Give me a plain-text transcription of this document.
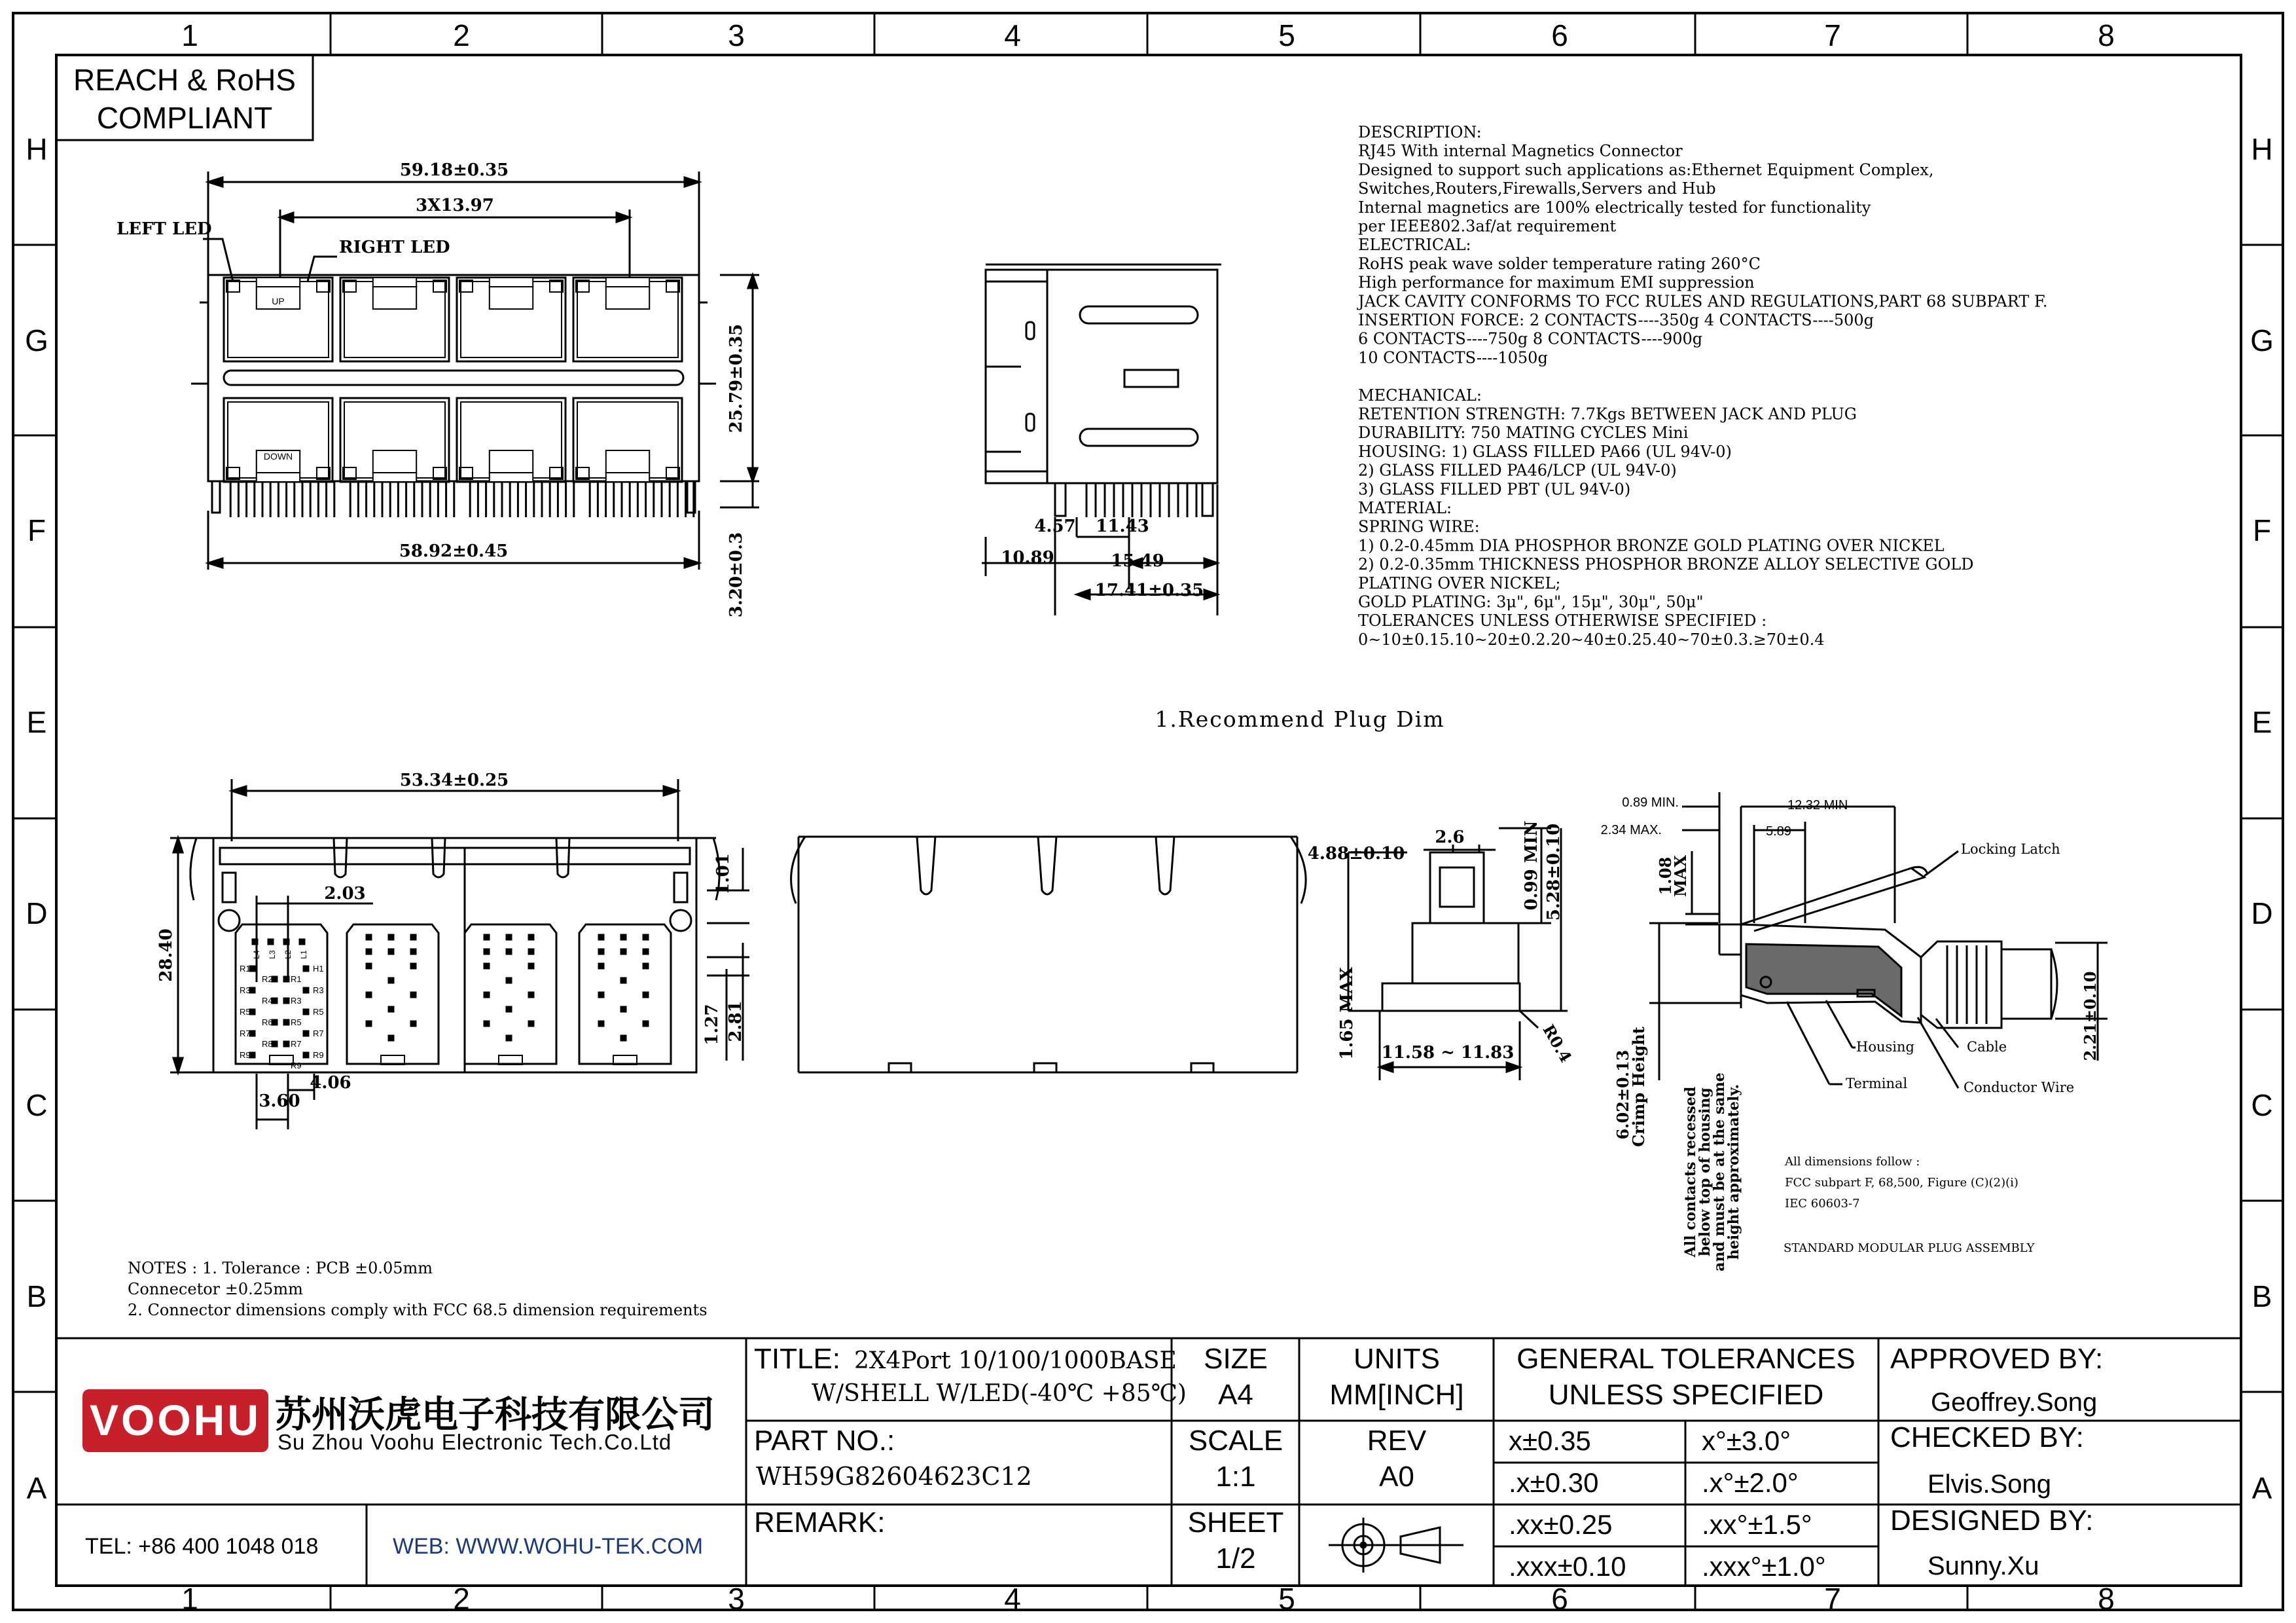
1	2	3	4	5	6	7	8
1	2	3	4	5	6	7	8
H
G
F
E
D
C
B
A
H
G
F
E
D
C
B
A
REACH & RoHS
COMPLIANT
59.18±0.35
3X13.97
58.92±0.45
25.79±0.35
3.20±0.3
LEFT LED
RIGHT LED
UP
DOWN
4.57 11.43
10.89	15.49
17.41±0.35
DESCRIPTION:
RJ45 With internal Magnetics Connector
Designed to support such applications as:Ethernet Equipment Complex,
Switches,Routers,Firewalls,Servers and Hub
Internal magnetics are 100% electrically tested for functionality
per IEEE802.3af/at requirement
ELECTRICAL:
RoHS peak wave solder temperature rating 260°C
High performance for maximum EMI suppression
JACK CAVITY CONFORMS TO FCC RULES AND REGULATIONS,PART 68 SUBPART F.
INSERTION FORCE: 2 CONTACTS----350g 4 CONTACTS----500g
6 CONTACTS----750g 8 CONTACTS----900g
10 CONTACTS----1050g
MECHANICAL:
RETENTION STRENGTH: 7.7Kgs BETWEEN JACK AND PLUG
DURABILITY: 750 MATING CYCLES Mini
HOUSING: 1) GLASS FILLED PA66 (UL 94V-0)
2) GLASS FILLED PA46/LCP (UL 94V-0)
3) GLASS FILLED PBT (UL 94V-0)
MATERIAL:
SPRING WIRE:
1) 0.2-0.45mm DIA PHOSPHOR BRONZE GOLD PLATING OVER NICKEL
2) 0.2-0.35mm THICKNESS PHOSPHOR BRONZE ALLOY SELECTIVE GOLD
PLATING OVER NICKEL;
GOLD PLATING: 3μ", 6μ", 15μ", 30μ", 50μ"
TOLERANCES UNLESS OTHERWISE SPECIFIED :
0~10±0.15.10~20±0.2.20~40±0.25.40~70±0.3.≥70±0.4
1.Recommend Plug Dim
53.34±0.25
28.40
2.03	1.01
1.27 2.81
4.06
3.60
R1
R3
R5
R7
R9
R2
R4
R6
R8
R1
R3
R5
R7
R9
H1
R3
R5
R7
R9
L4 L3 L2 L1
2.6
4.88±0.10	0.99 MIN 5.28±0.10
1.65 MAX 11.58 ~ 11.83 R0.4
0.89 MIN.	12.32 MIN
2.34 MAX.	5.89
1.08
MAX
2.21±0.10
6.02±0.13
Crimp Height
Locking Latch
Housing	Cable
Terminal	Conductor Wire
All contacts recessed
below top of housing
and must be at the same
height approximately.	All dimensions follow :
FCC subpart F, 68,500, Figure (C)(2)(i)
IEC 60603-7
STANDARD MODULAR PLUG ASSEMBLY
NOTES : 1. Tolerance : PCB ±0.05mm
Connecetor ±0.25mm
2. Connector dimensions comply with FCC 68.5 dimension requirements
VOOHU 苏州沃虎电子科技有限公司
Su Zhou Voohu Electronic Tech.Co.Ltd
TEL: +86 400 1048 018	WEB: WWW.WOHU-TEK.COM
TITLE: 2X4Port 10/100/1000BASE
W/SHELL W/LED(-40℃ +85℃)
PART NO.:
WH59G82604623C12
REMARK:
SIZE
A4
UNITS
MM[INCH]
SCALE
1:1
REV
A0
SHEET
1/2
GENERAL TOLERANCES
UNLESS SPECIFIED
x±0.35	x°±3.0°
.x±0.30	.x°±2.0°
.xx±0.25	.xx°±1.5°
.xxx±0.10	.xxx°±1.0°
APPROVED BY:
Geoffrey.Song
CHECKED BY:
Elvis.Song
DESIGNED BY:
Sunny.Xu
